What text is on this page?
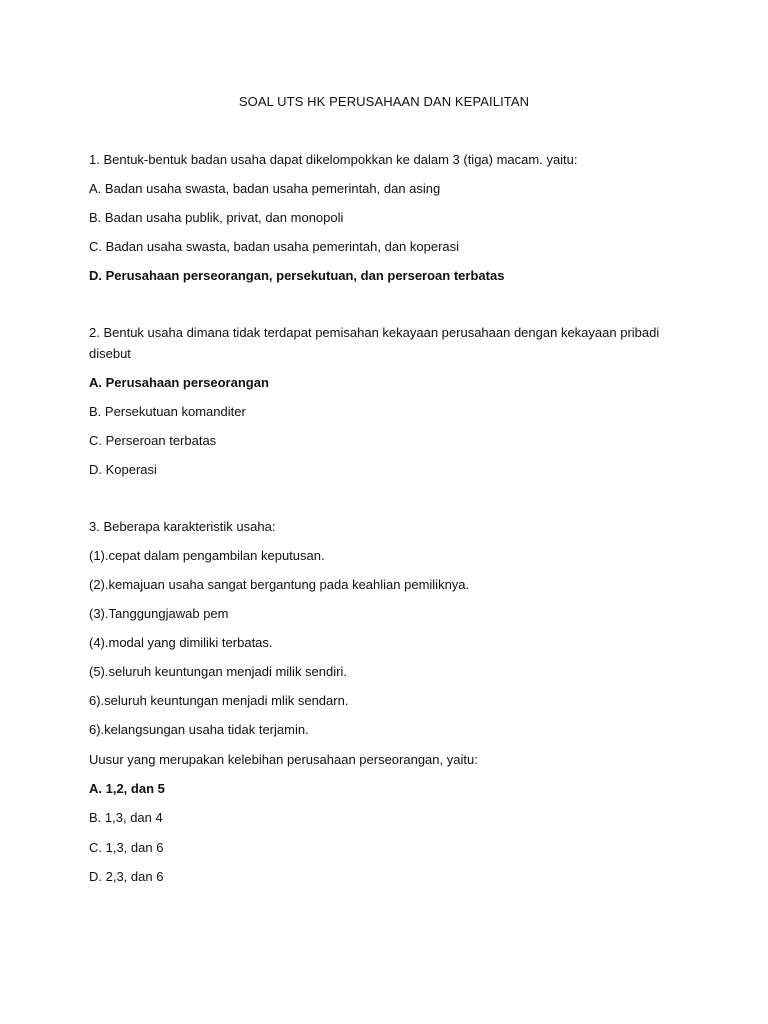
SOAL UTS HK PERUSAHAAN DAN KEPAILITAN
1. Bentuk-bentuk badan usaha dapat dikelompokkan ke dalam 3 (tiga) macam. yaitu:
A. Badan usaha swasta, badan usaha pemerintah, dan asing
B. Badan usaha publik, privat, dan monopoli
C. Badan usaha swasta, badan usaha pemerintah, dan koperasi
D. Perusahaan perseorangan, persekutuan, dan perseroan terbatas
2. Bentuk usaha dimana tidak terdapat pemisahan kekayaan perusahaan dengan kekayaan pribadi
disebut
A. Perusahaan perseorangan
B. Persekutuan komanditer
C. Perseroan terbatas
D. Koperasi
3. Beberapa karakteristik usaha:
(1).cepat dalam pengambilan keputusan.
(2).kemajuan usaha sangat bergantung pada keahlian pemiliknya.
(3).Tanggungjawab pem
(4).modal yang dimiliki terbatas.
(5).seluruh keuntungan menjadi milik sendiri.
6).seluruh keuntungan menjadi mlik sendarn.
6).kelangsungan usaha tidak terjamin.
Uusur yang merupakan kelebihan perusahaan perseorangan, yaitu:
A. 1,2, dan 5
B. 1,3, dan 4
C. 1,3, dan 6
D. 2,3, dan 6
